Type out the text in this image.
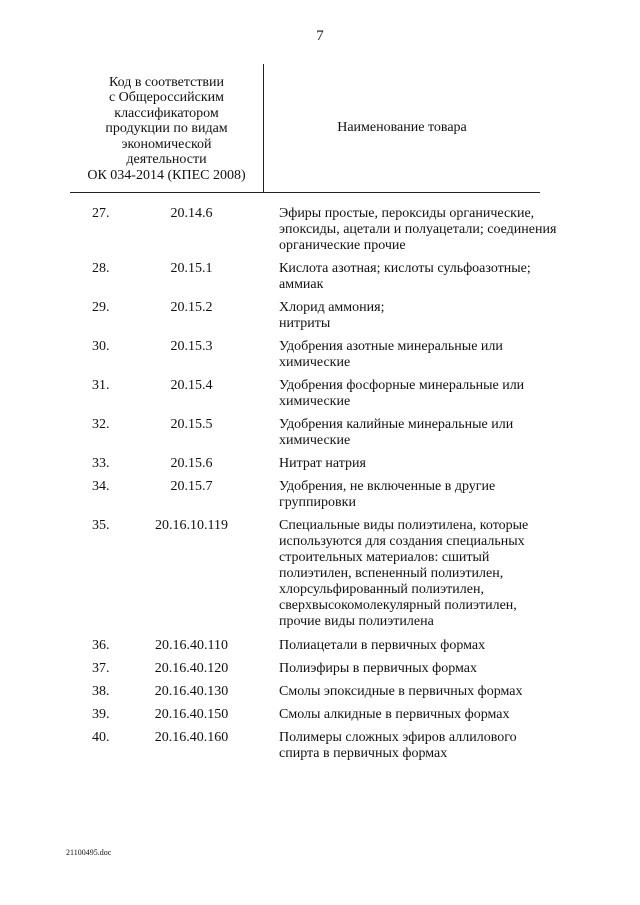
7
Код в соответствии
с Общероссийским
классификатором
продукции по видам
экономической
деятельности
ОК 034-2014 (КПЕС 2008)
Наименование товара
27.	20.14.6	Эфиры простые, пероксиды органические,
эпоксиды, ацетали и полуацетали; соединения
органические прочие
28.	20.15.1	Кислота азотная; кислоты сульфоазотные;
аммиак
29.	20.15.2	Хлорид аммония;
нитриты
30.	20.15.3	Удобрения азотные минеральные или
химические
31.	20.15.4	Удобрения фосфорные минеральные или
химические
32.	20.15.5	Удобрения калийные минеральные или
химические
33.	20.15.6	Нитрат натрия
34.	20.15.7	Удобрения, не включенные в другие
группировки
35.	20.16.10.119	Специальные виды полиэтилена, которые
используются для создания специальных
строительных материалов: сшитый
полиэтилен, вспененный полиэтилен,
хлорсульфированный полиэтилен,
сверхвысокомолекулярный полиэтилен,
прочие виды полиэтилена
36.	20.16.40.110	Полиацетали в первичных формах
37.	20.16.40.120	Полиэфиры в первичных формах
38.	20.16.40.130	Смолы эпоксидные в первичных формах
39.	20.16.40.150	Смолы алкидные в первичных формах
40.	20.16.40.160	Полимеры сложных эфиров аллилового
спирта в первичных формах
21100495.doc
